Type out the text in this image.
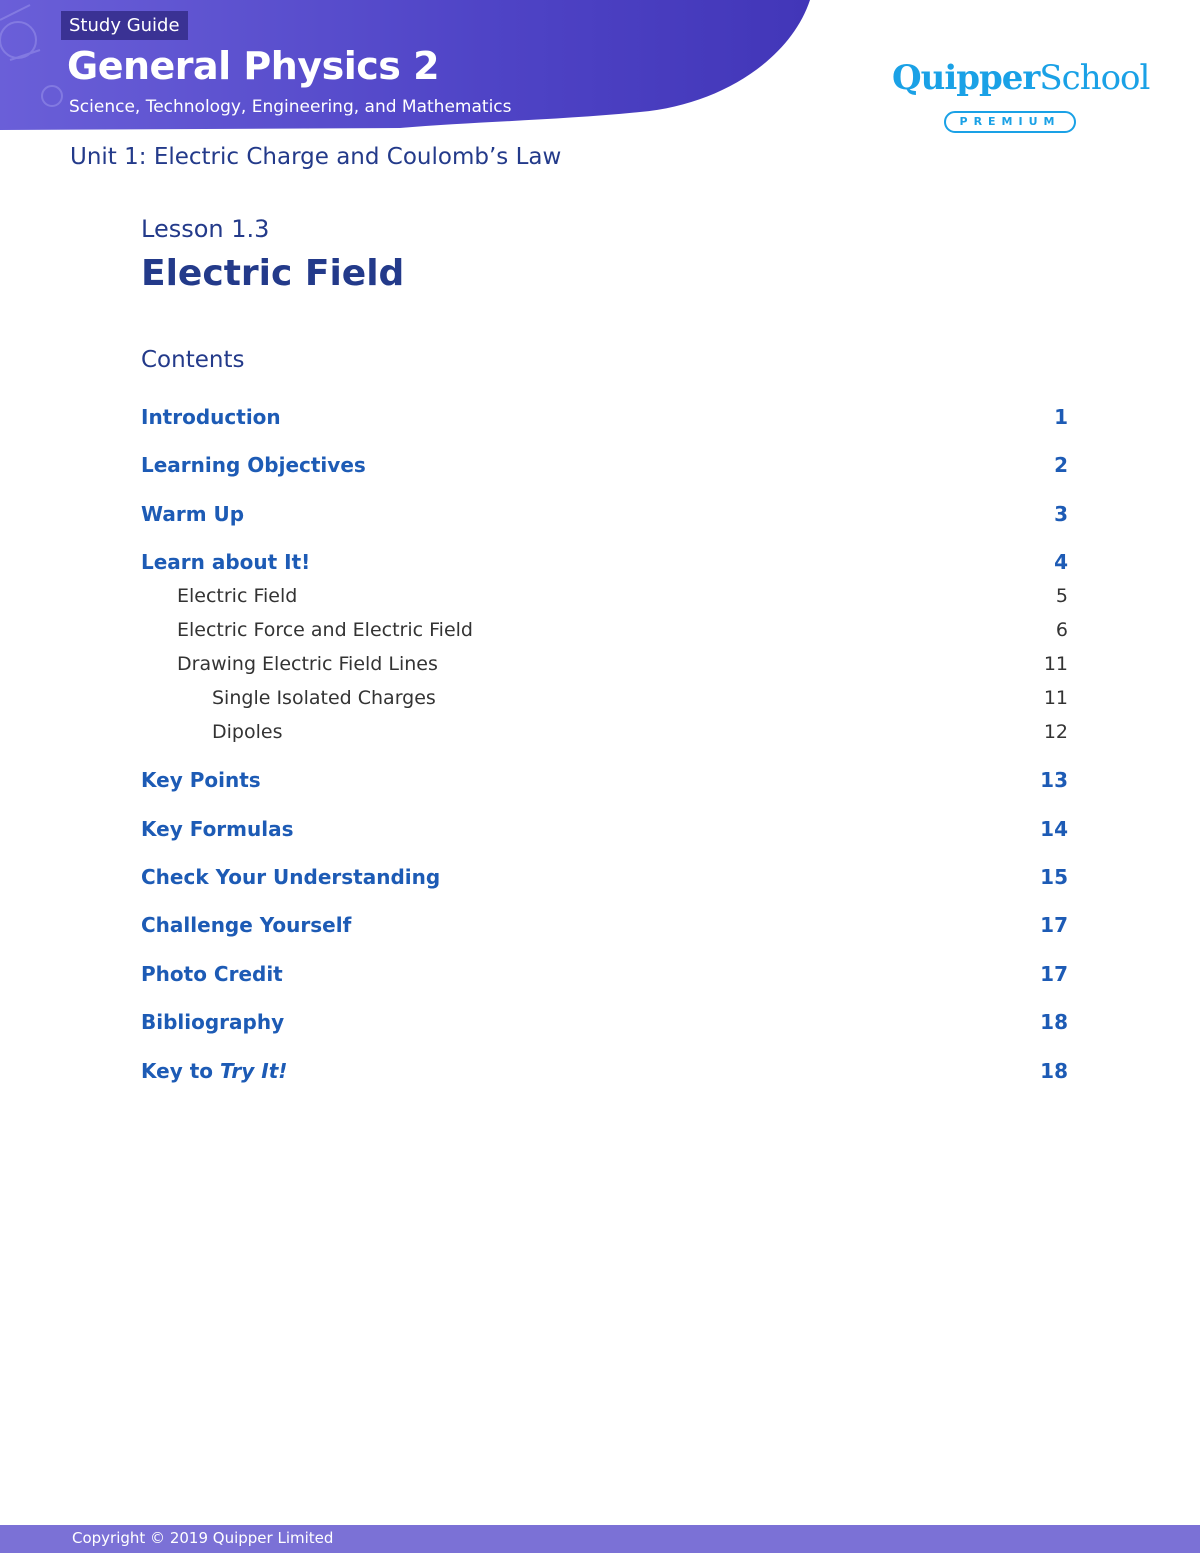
Study Guide
General Physics 2
Science, Technology, Engineering, and Mathematics
QuipperSchool
PREMIUM
Unit 1: Electric Charge and Coulomb’s Law
Lesson 1.3
Electric Field
Contents
Introduction	1
Learning Objectives	2
Warm Up	3
Learn about It!	4
Electric Field	5
Electric Force and Electric Field	6
Drawing Electric Field Lines	11
Single Isolated Charges	11
Dipoles	12
Key Points	13
Key Formulas	14
Check Your Understanding	15
Challenge Yourself	17
Photo Credit	17
Bibliography	18
Key to Try It!	18
Copyright © 2019 Quipper Limited
